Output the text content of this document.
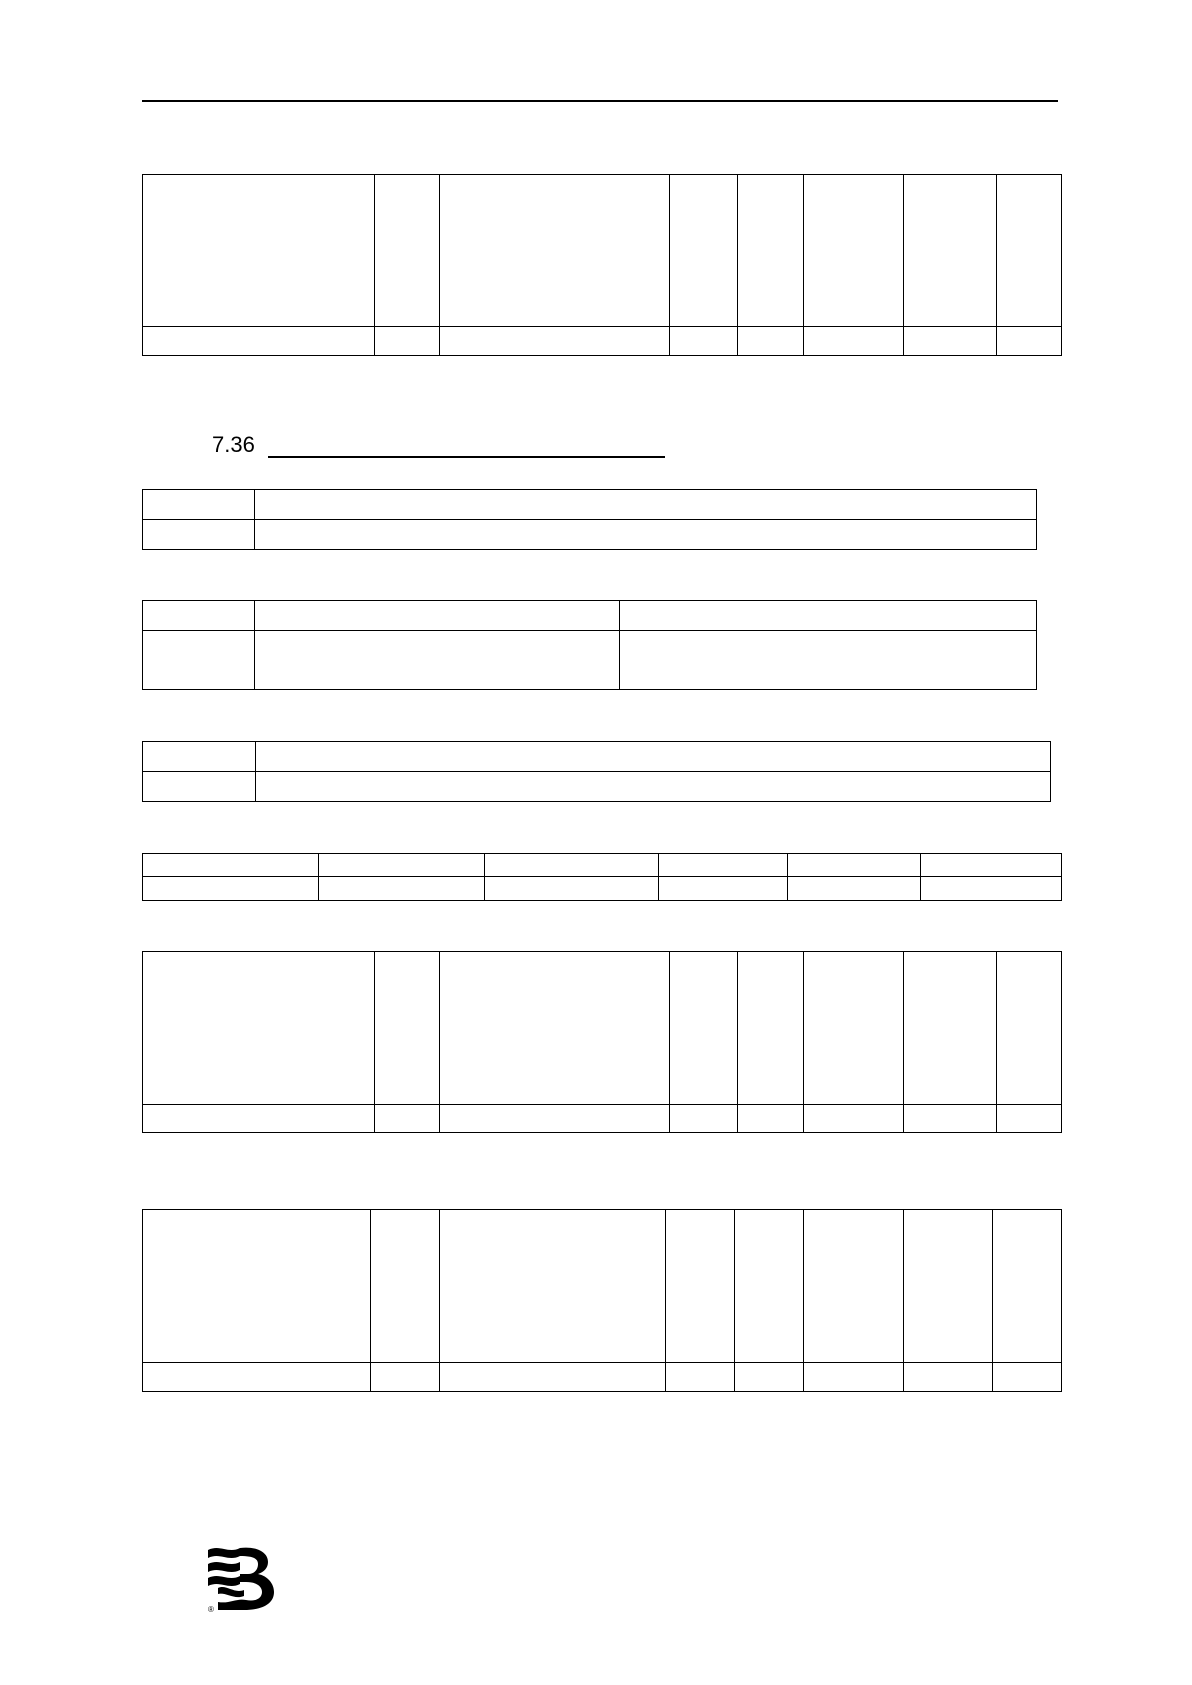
7.36

®
